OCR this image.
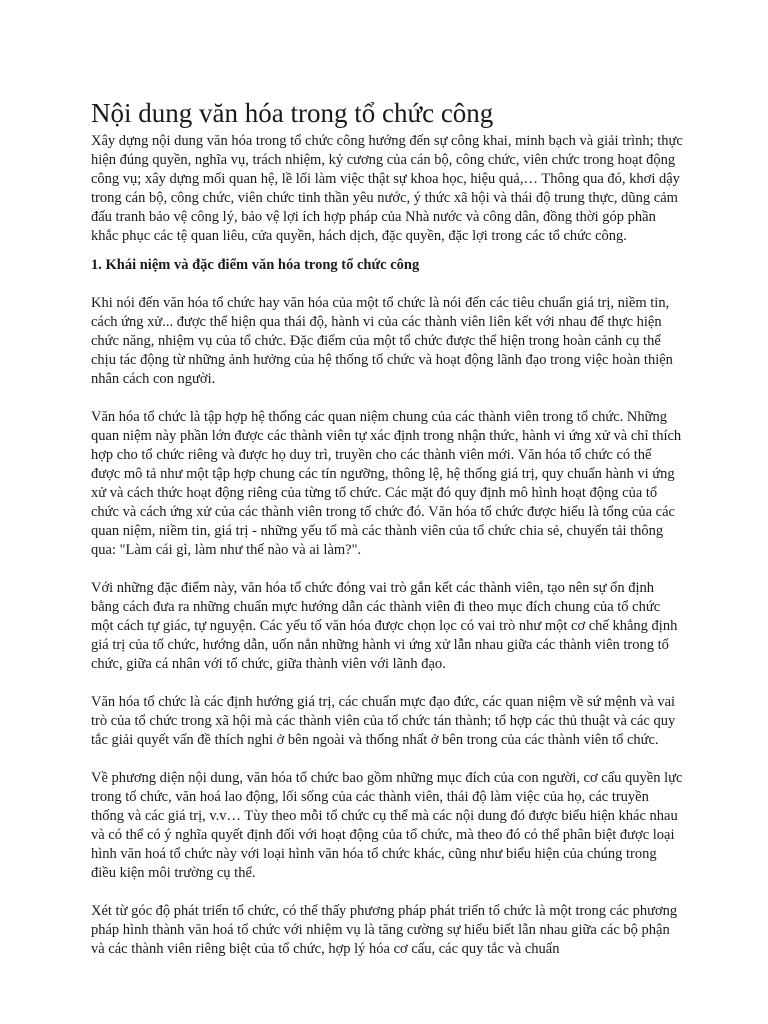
Nội dung văn hóa trong tổ chức công

Xây dựng nội dung văn hóa trong tổ chức công hướng đến sự công khai, minh bạch và giải trình; thực hiện đúng quyền, nghĩa vụ, trách nhiệm, kỷ cương của cán bộ, công chức, viên chức trong hoạt động công vụ; xây dựng mối quan hệ, lề lối làm việc thật sự khoa học, hiệu quả,… Thông qua đó, khơi dậy trong cán bộ, công chức, viên chức tinh thần yêu nước, ý thức xã hội và thái độ trung thực, dũng cảm đấu tranh bảo vệ công lý, bảo vệ lợi ích hợp pháp của Nhà nước và công dân, đồng thời góp phần khắc phục các tệ quan liêu, cửa quyền, hách dịch, đặc quyền, đặc lợi trong các tổ chức công.

1. Khái niệm và đặc điểm văn hóa trong tổ chức công

Khi nói đến văn hóa tổ chức hay văn hóa của một tổ chức là nói đến các tiêu chuẩn giá trị, niềm tin, cách ứng xử... được thể hiện qua thái độ, hành vi của các thành viên liên kết với nhau để thực hiện chức năng, nhiệm vụ của tổ chức. Đặc điểm của một tổ chức được thể hiện trong hoàn cảnh cụ thể chịu tác động từ những ảnh hưởng của hệ thống tổ chức và hoạt động lãnh đạo trong việc hoàn thiện nhân cách con người.

Văn hóa tổ chức là tập hợp hệ thống các quan niệm chung của các thành viên trong tổ chức. Những quan niệm này phần lớn được các thành viên tự xác định trong nhận thức, hành vi ứng xử và chỉ thích hợp cho tổ chức riêng và được họ duy trì, truyền cho các thành viên mới. Văn hóa tổ chức có thể được mô tả như một tập hợp chung các tín ngưỡng, thông lệ, hệ thống giá trị, quy chuẩn hành vi ứng xử và cách thức hoạt động riêng của từng tổ chức. Các mặt đó quy định mô hình hoạt động của tổ chức và cách ứng xử của các thành viên trong tổ chức đó. Văn hóa tổ chức được hiểu là tổng của các quan niệm, niềm tin, giá trị - những yếu tố mà các thành viên của tổ chức chia sẻ, chuyển tải thông qua: "Làm cái gì, làm như thế nào và ai làm?".

Với những đặc điểm này, văn hóa tổ chức đóng vai trò gắn kết các thành viên, tạo nên sự ổn định bằng cách đưa ra những chuẩn mực hướng dẫn các thành viên đi theo mục đích chung của tổ chức một cách tự giác, tự nguyện. Các yếu tố văn hóa được chọn lọc có vai trò như một cơ chế khẳng định giá trị của tổ chức, hướng dẫn, uốn nắn những hành vi ứng xử lẫn nhau giữa các thành viên trong tổ chức, giữa cá nhân với tổ chức, giữa thành viên với lãnh đạo.

Văn hóa tổ chức là các định hướng giá trị, các chuẩn mực đạo đức, các quan niệm về sứ mệnh và vai trò của tổ chức trong xã hội mà các thành viên của tổ chức tán thành; tổ hợp các thủ thuật và các quy tắc giải quyết vấn đề thích nghi ở bên ngoài và thống nhất ở bên trong của các thành viên tổ chức.

Về phương diện nội dung, văn hóa tổ chức bao gồm những mục đích của con người, cơ cấu quyền lực trong tổ chức, văn hoá lao động, lối sống của các thành viên, thái độ làm việc của họ, các truyền thống và các giá trị, v.v… Tùy theo mỗi tổ chức cụ thể mà các nội dung đó được biểu hiện khác nhau và có thể có ý nghĩa quyết định đối với hoạt động của tổ chức, mà theo đó có thể phân biệt được loại hình văn hoá tổ chức này với loại hình văn hóa tổ chức khác, cũng như biểu hiện của chúng trong điều kiện môi trường cụ thể.

Xét từ góc độ phát triển tổ chức, có thể thấy phương pháp phát triển tổ chức là một trong các phương pháp hình thành văn hoá tổ chức với nhiệm vụ là tăng cường sự hiểu biết lẫn nhau giữa các bộ phận và các thành viên riêng biệt của tổ chức, hợp lý hóa cơ cấu, các quy tắc và chuẩn
